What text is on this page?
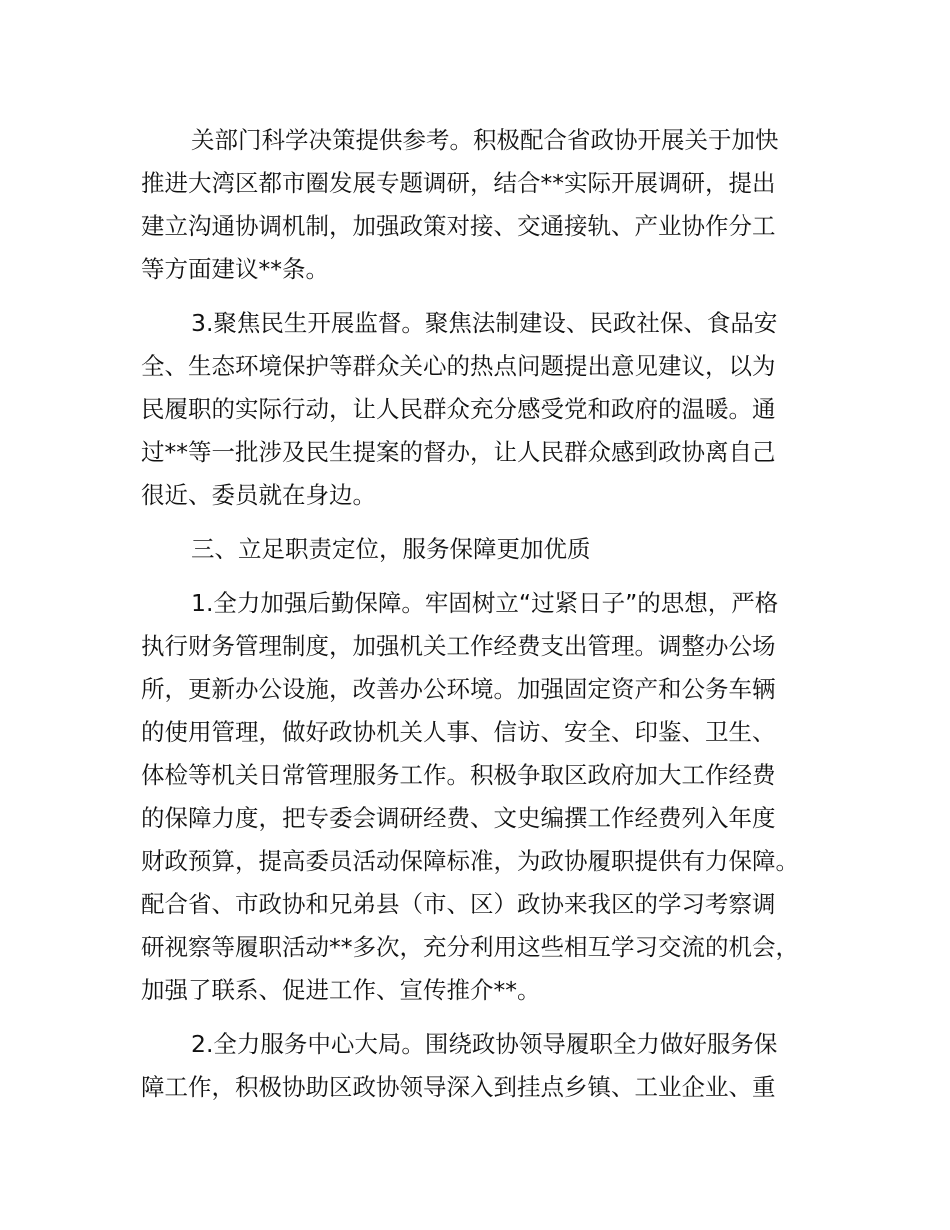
关部门科学决策提供参考。积极配合省政协开展关于加快
推进大湾区都市圈发展专题调研，结合**实际开展调研，提出
建立沟通协调机制，加强政策对接、交通接轨、产业协作分工
等方面建议**条。
3.聚焦民生开展监督。聚焦法制建设、民政社保、食品安
全、生态环境保护等群众关心的热点问题提出意见建议，以为
民履职的实际行动，让人民群众充分感受党和政府的温暖。通
过**等一批涉及民生提案的督办，让人民群众感到政协离自己
很近、委员就在身边。
三、立足职责定位，服务保障更加优质
1.全力加强后勤保障。牢固树立“过紧日子”的思想，严格
执行财务管理制度，加强机关工作经费支出管理。调整办公场
所，更新办公设施，改善办公环境。加强固定资产和公务车辆
的使用管理，做好政协机关人事、信访、安全、印鉴、卫生、
体检等机关日常管理服务工作。积极争取区政府加大工作经费
的保障力度，把专委会调研经费、文史编撰工作经费列入年度
财政预算，提高委员活动保障标准，为政协履职提供有力保障。
配合省、市政协和兄弟县（市、区）政协来我区的学习考察调
研视察等履职活动**多次，充分利用这些相互学习交流的机会，
加强了联系、促进工作、宣传推介**。
2.全力服务中心大局。围绕政协领导履职全力做好服务保
障工作，积极协助区政协领导深入到挂点乡镇、工业企业、重
